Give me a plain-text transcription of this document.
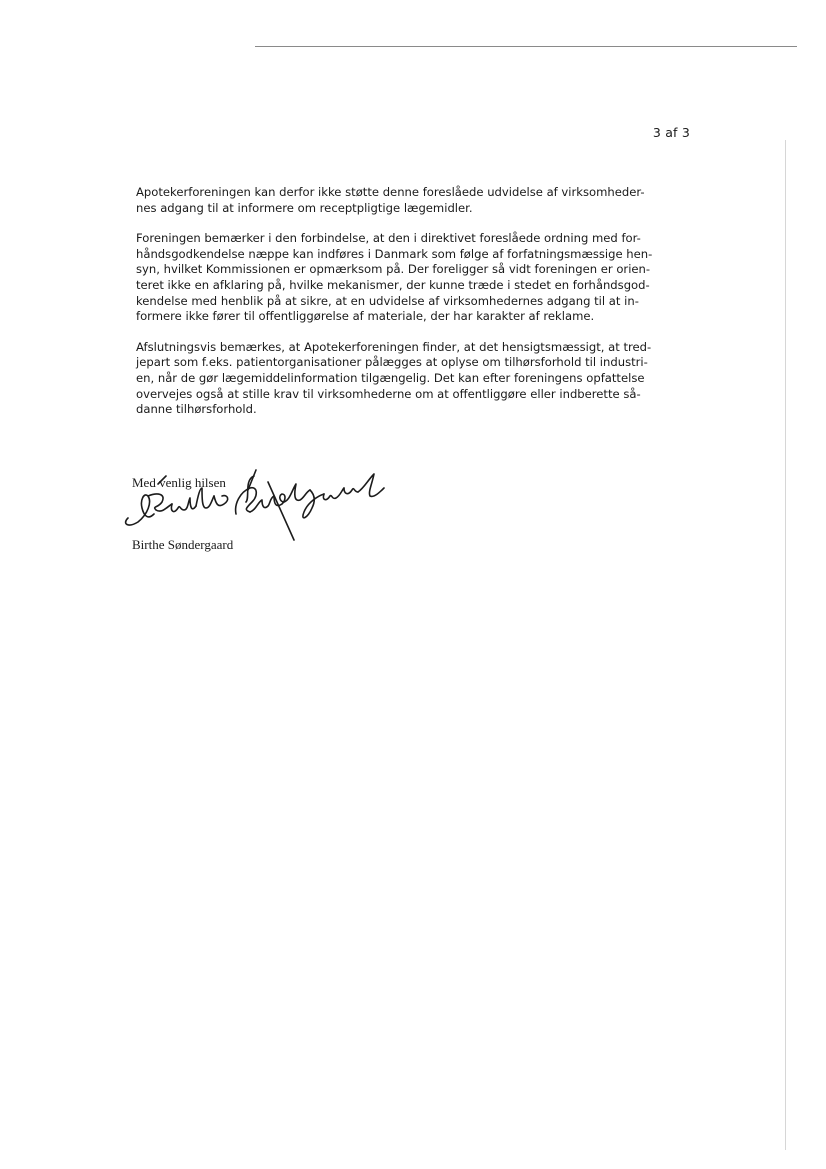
3 af 3

Apotekerforeningen kan derfor ikke støtte denne foreslåede udvidelse af virksomheder-
nes adgang til at informere om receptpligtige lægemidler.

Foreningen bemærker i den forbindelse, at den i direktivet foreslåede ordning med for-
håndsgodkendelse næppe kan indføres i Danmark som følge af forfatningsmæssige hen-
syn, hvilket Kommissionen er opmærksom på. Der foreligger så vidt foreningen er orien-
teret ikke en afklaring på, hvilke mekanismer, der kunne træde i stedet en forhåndsgod-
kendelse med henblik på at sikre, at en udvidelse af virksomhedernes adgang til at in-
formere ikke fører til offentliggørelse af materiale, der har karakter af reklame.

Afslutningsvis bemærkes, at Apotekerforeningen finder, at det hensigtsmæssigt, at tred-
jepart som f.eks. patientorganisationer pålægges at oplyse om tilhørsforhold til industri-
en, når de gør lægemiddelinformation tilgængelig. Det kan efter foreningens opfattelse
overvejes også at stille krav til virksomhederne om at offentliggøre eller indberette så-
danne tilhørsforhold.

Med venlig hilsen
Birthe Søndergaard
